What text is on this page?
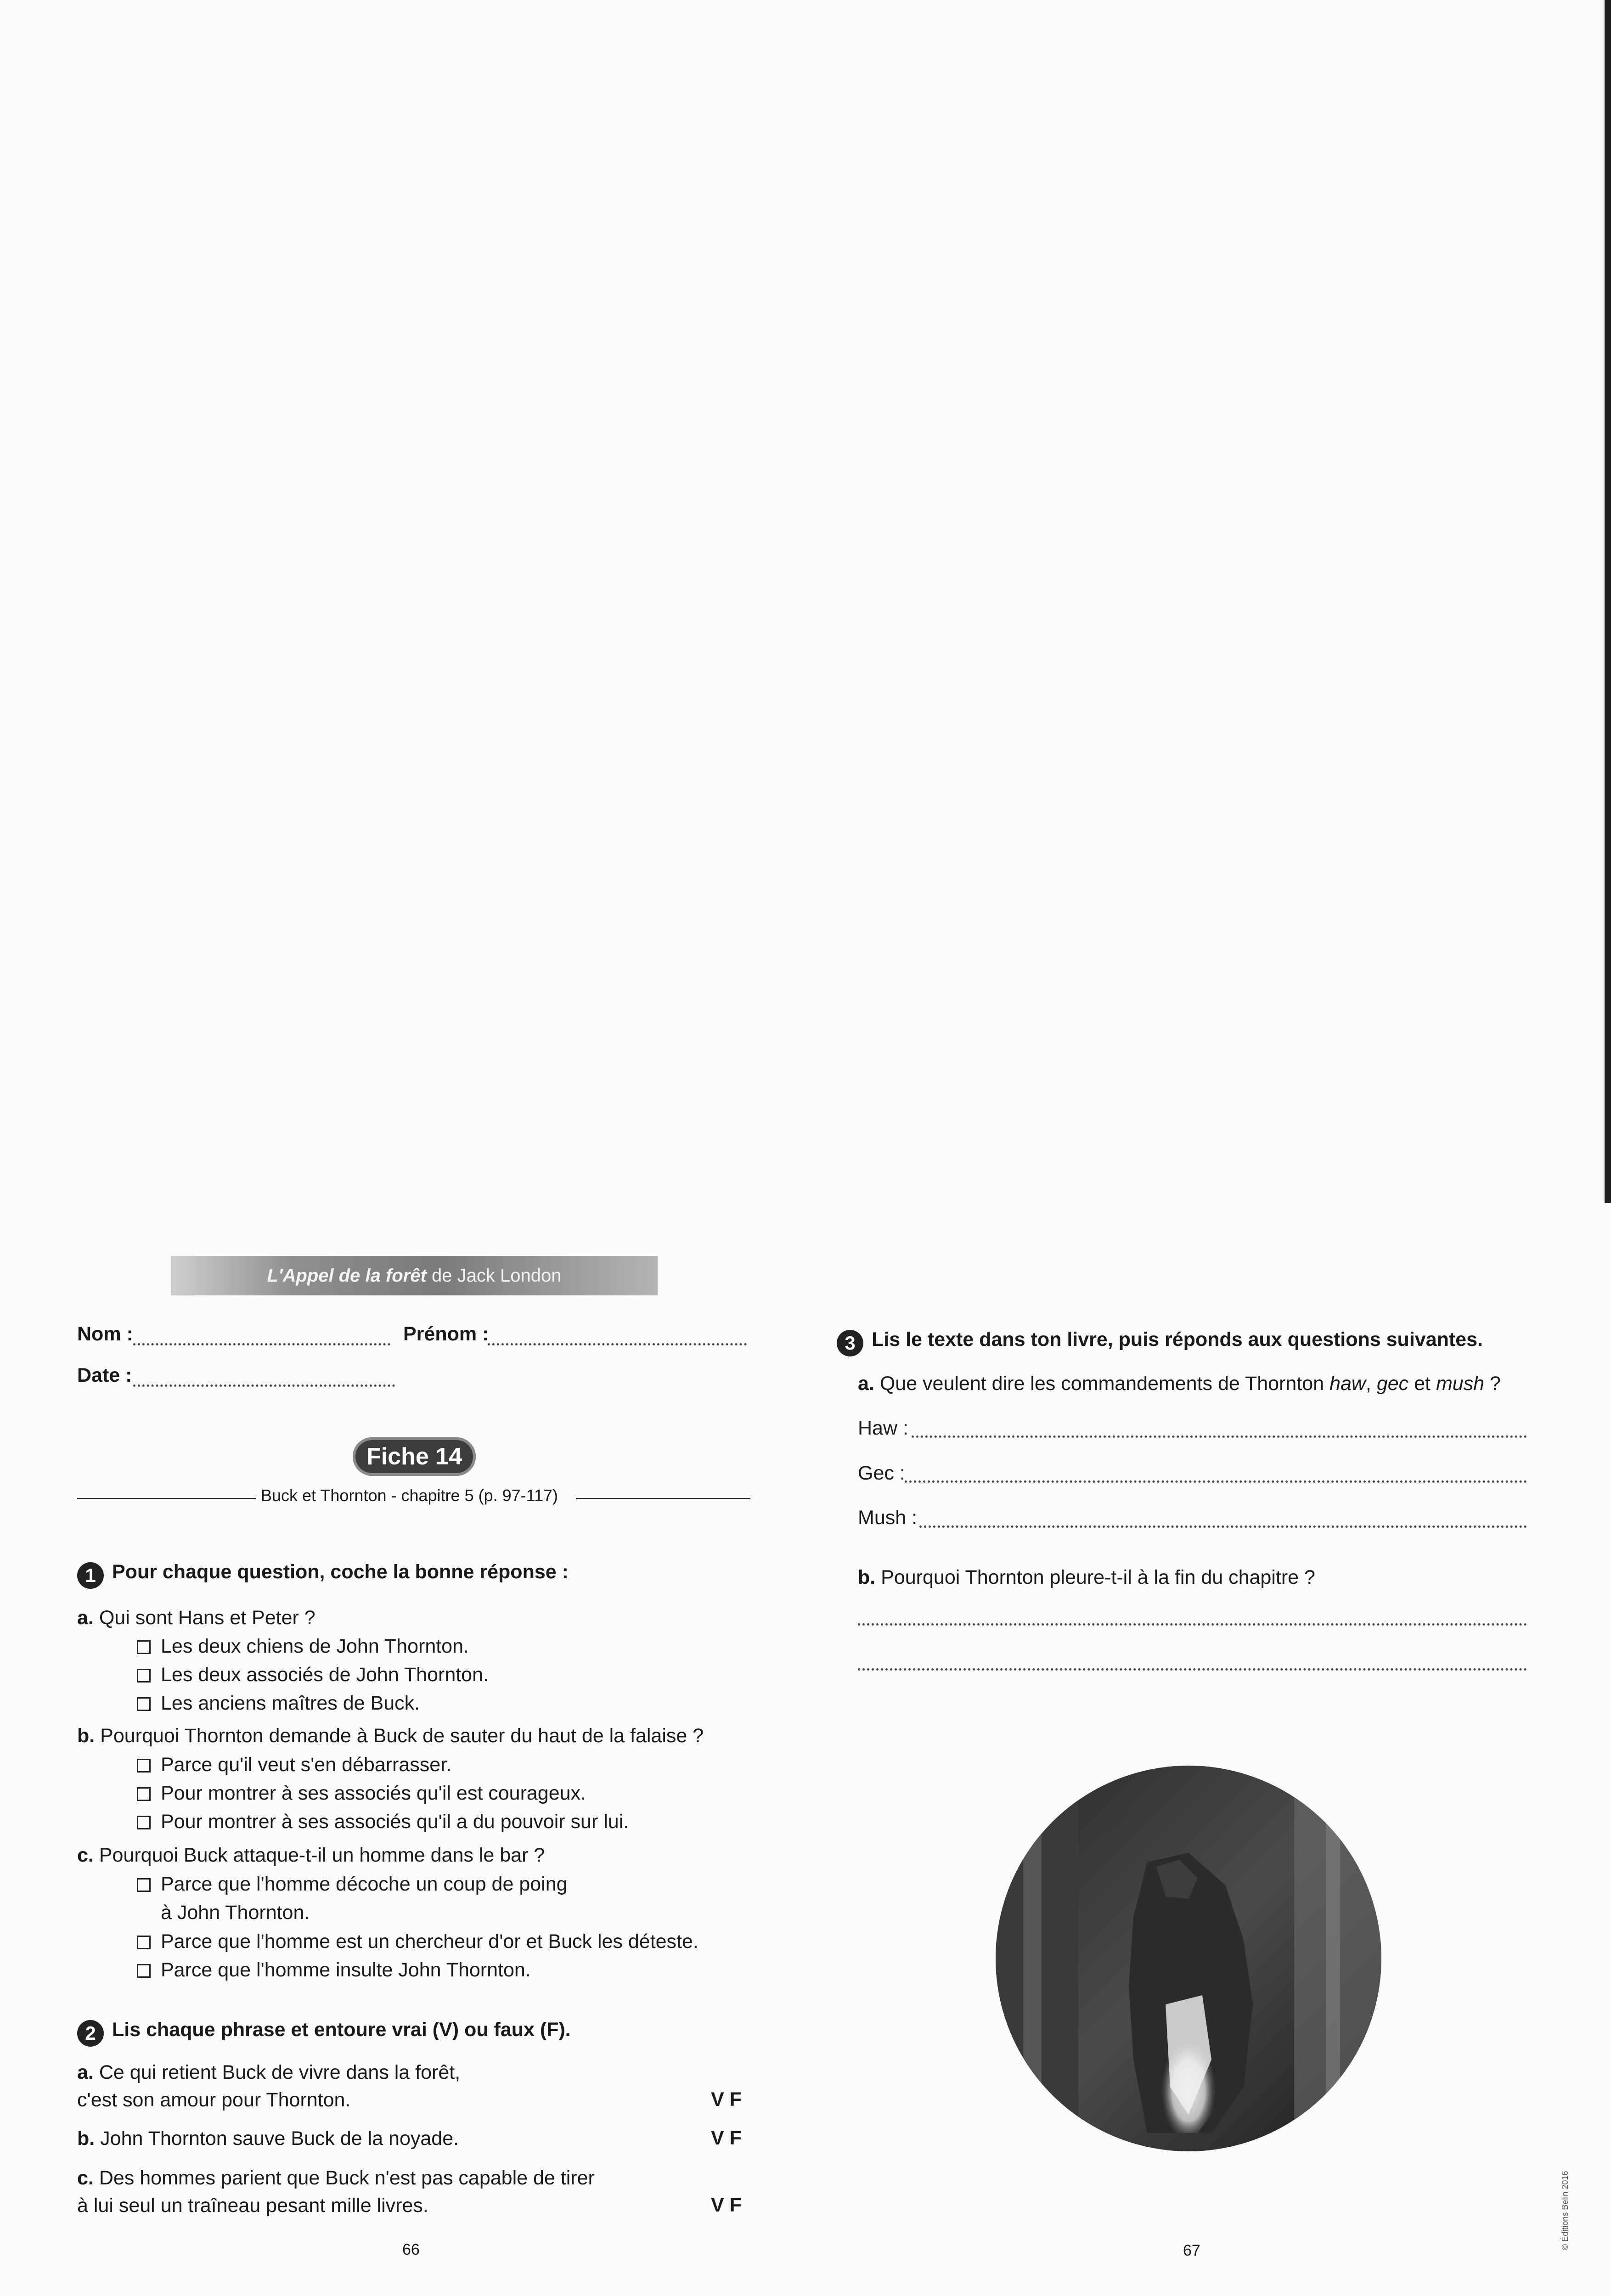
L'Appel de la forêt de Jack London
Nom :	Prénom :
Date :
Fiche 14
Buck et Thornton - chapitre 5 (p. 97-117)
1 Pour chaque question, coche la bonne réponse :
a. Qui sont Hans et Peter ?
Les deux chiens de John Thornton.
Les deux associés de John Thornton.
Les anciens maîtres de Buck.
b. Pourquoi Thornton demande à Buck de sauter du haut de la falaise ?
Parce qu'il veut s'en débarrasser.
Pour montrer à ses associés qu'il est courageux.
Pour montrer à ses associés qu'il a du pouvoir sur lui.
c. Pourquoi Buck attaque-t-il un homme dans le bar ?
Parce que l'homme décoche un coup de poing
à John Thornton.
Parce que l'homme est un chercheur d'or et Buck les déteste.
Parce que l'homme insulte John Thornton.
2 Lis chaque phrase et entoure vrai (V) ou faux (F).
a. Ce qui retient Buck de vivre dans la forêt,
c'est son amour pour Thornton.	V F
b. John Thornton sauve Buck de la noyade.	V F
c. Des hommes parient que Buck n'est pas capable de tirer
à lui seul un traîneau pesant mille livres.	V F
66
3 Lis le texte dans ton livre, puis réponds aux questions suivantes.
a. Que veulent dire les commandements de Thornton haw, gec et mush ?
Haw :
Gec :
Mush :
b. Pourquoi Thornton pleure-t-il à la fin du chapitre ?
67
© Éditions Belin 2016
